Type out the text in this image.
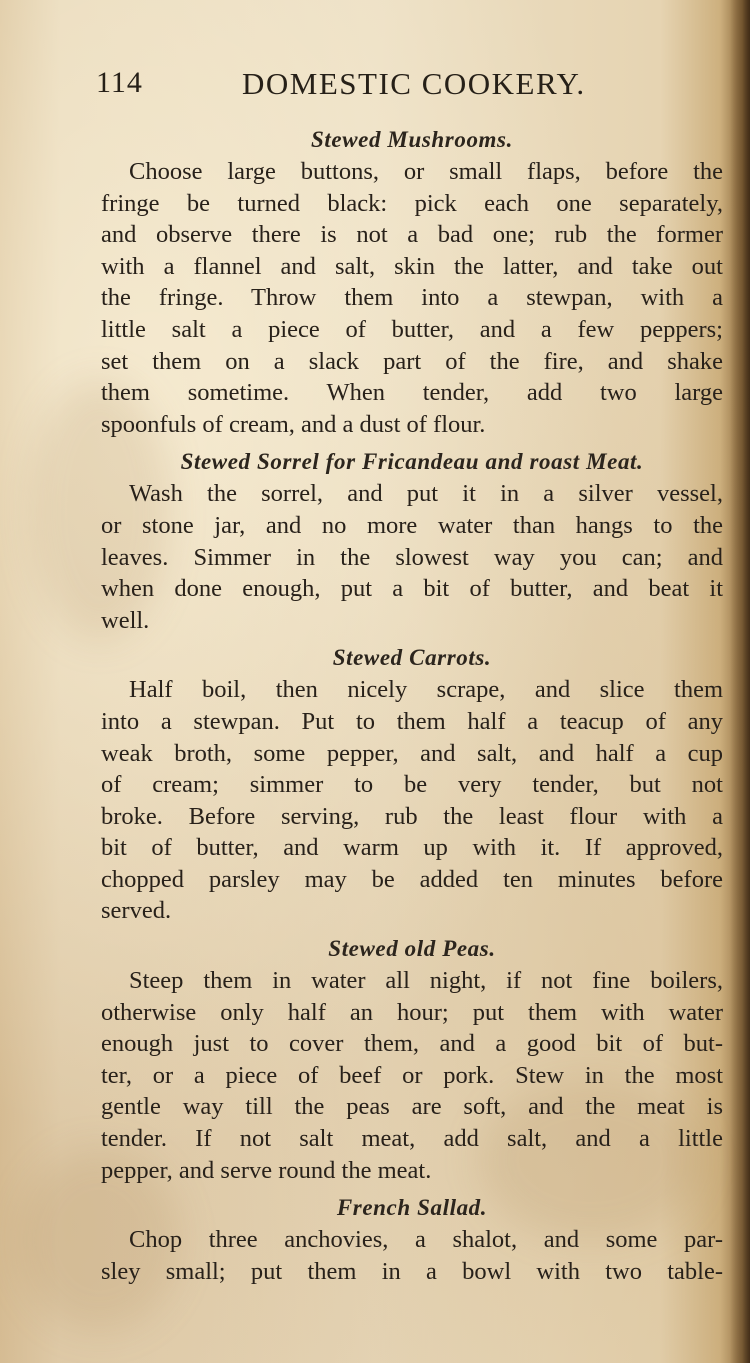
114	DOMESTIC COOKERY.
Stewed Mushrooms.
Choose large buttons, or small flaps, before the
fringe be turned black: pick each one separately,
and observe there is not a bad one; rub the former
with a flannel and salt, skin the latter, and take out
the fringe. Throw them into a stewpan, with a
little salt a piece of butter, and a few peppers;
set them on a slack part of the fire, and shake
them sometime. When tender, add two large
spoonfuls of cream, and a dust of flour.
Stewed Sorrel for Fricandeau and roast Meat.
Wash the sorrel, and put it in a silver vessel,
or stone jar, and no more water than hangs to the
leaves. Simmer in the slowest way you can; and
when done enough, put a bit of butter, and beat it
well.
Stewed Carrots.
Half boil, then nicely scrape, and slice them
into a stewpan. Put to them half a teacup of any
weak broth, some pepper, and salt, and half a cup
of cream; simmer to be very tender, but not
broke. Before serving, rub the least flour with a
bit of butter, and warm up with it. If approved,
chopped parsley may be added ten minutes before
served.
Stewed old Peas.
Steep them in water all night, if not fine boilers,
otherwise only half an hour; put them with water
enough just to cover them, and a good bit of but-
ter, or a piece of beef or pork. Stew in the most
gentle way till the peas are soft, and the meat is
tender. If not salt meat, add salt, and a little
pepper, and serve round the meat.
French Sallad.
Chop three anchovies, a shalot, and some par-
sley small; put them in a bowl with two table-
